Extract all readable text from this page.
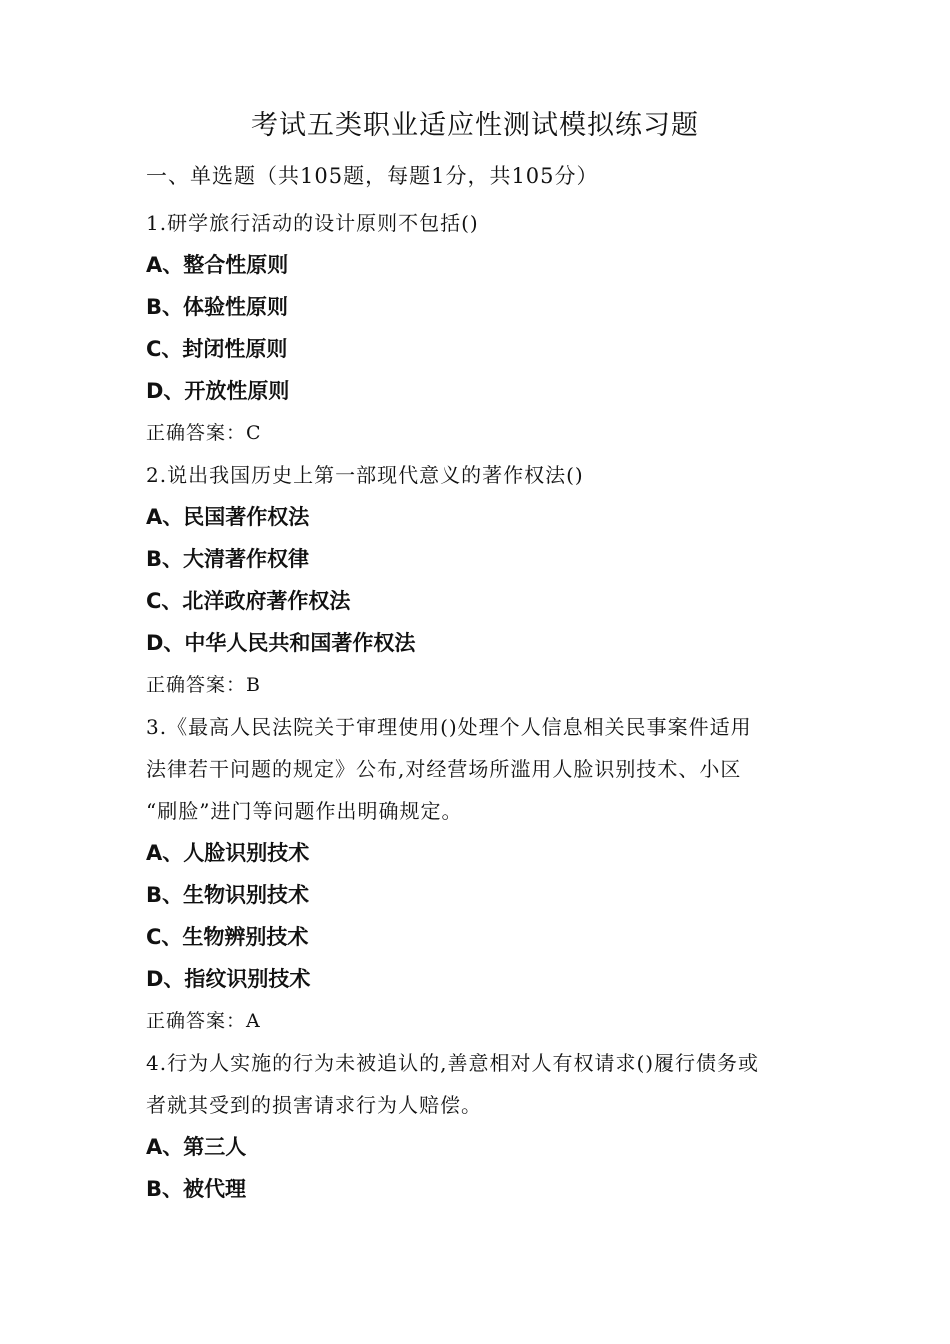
考试五类职业适应性测试模拟练习题
一、单选题（共105题，每题1分，共105分）

1.研学旅行活动的设计原则不包括()

A、整合性原则

B、体验性原则

C、封闭性原则

D、开放性原则

正确答案：C

2.说出我国历史上第一部现代意义的著作权法()

A、民国著作权法

B、大清著作权律

C、北洋政府著作权法

D、中华人民共和国著作权法

正确答案：B

3.《最高人民法院关于审理使用()处理个人信息相关民事案件适用

法律若干问题的规定》公布,对经营场所滥用人脸识别技术、小区

“刷脸”进门等问题作出明确规定。

A、人脸识别技术

B、生物识别技术

C、生物辨别技术

D、指纹识别技术

正确答案：A

4.行为人实施的行为未被追认的,善意相对人有权请求()履行债务或

者就其受到的损害请求行为人赔偿。

A、第三人

B、被代理
